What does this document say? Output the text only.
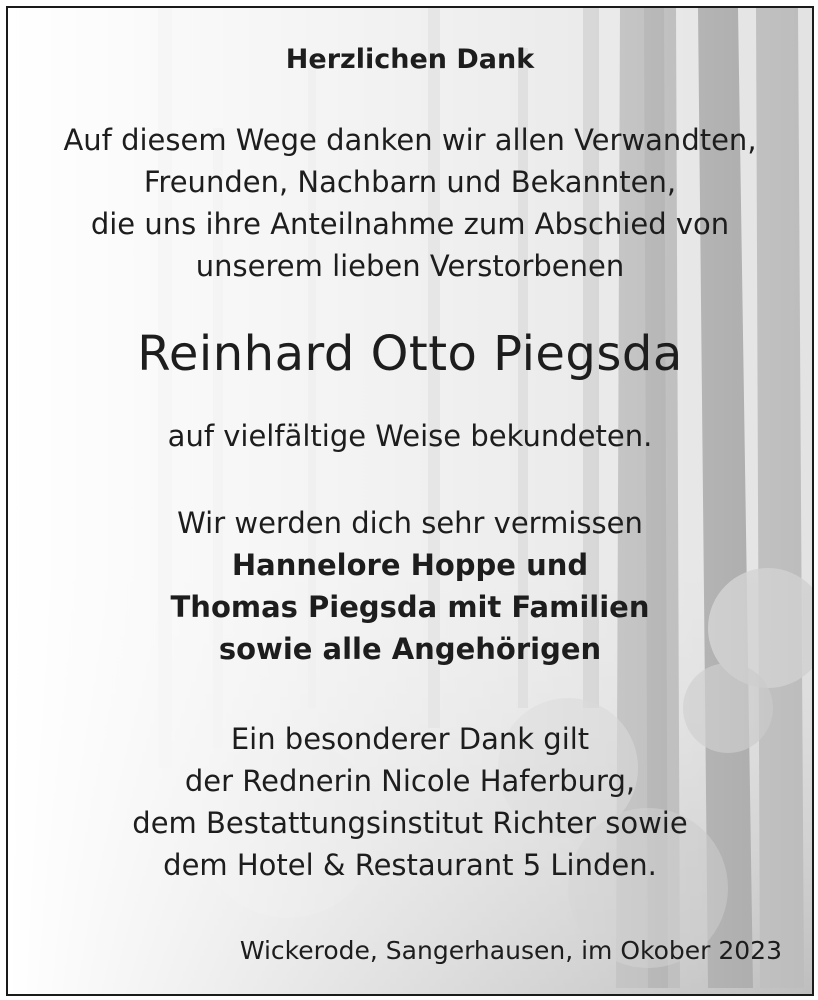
Herzlichen Dank
Auf diesem Wege danken wir allen Verwandten,
Freunden, Nachbarn und Bekannten,
die uns ihre Anteilnahme zum Abschied von
unserem lieben Verstorbenen
Reinhard Otto Piegsda
auf vielfältige Weise bekundeten.
Wir werden dich sehr vermissen
Hannelore Hoppe und
Thomas Piegsda mit Familien
sowie alle Angehörigen
Ein besonderer Dank gilt
der Rednerin Nicole Haferburg,
dem Bestattungsinstitut Richter sowie
dem Hotel & Restaurant 5 Linden.
Wickerode, Sangerhausen, im Okober 2023
